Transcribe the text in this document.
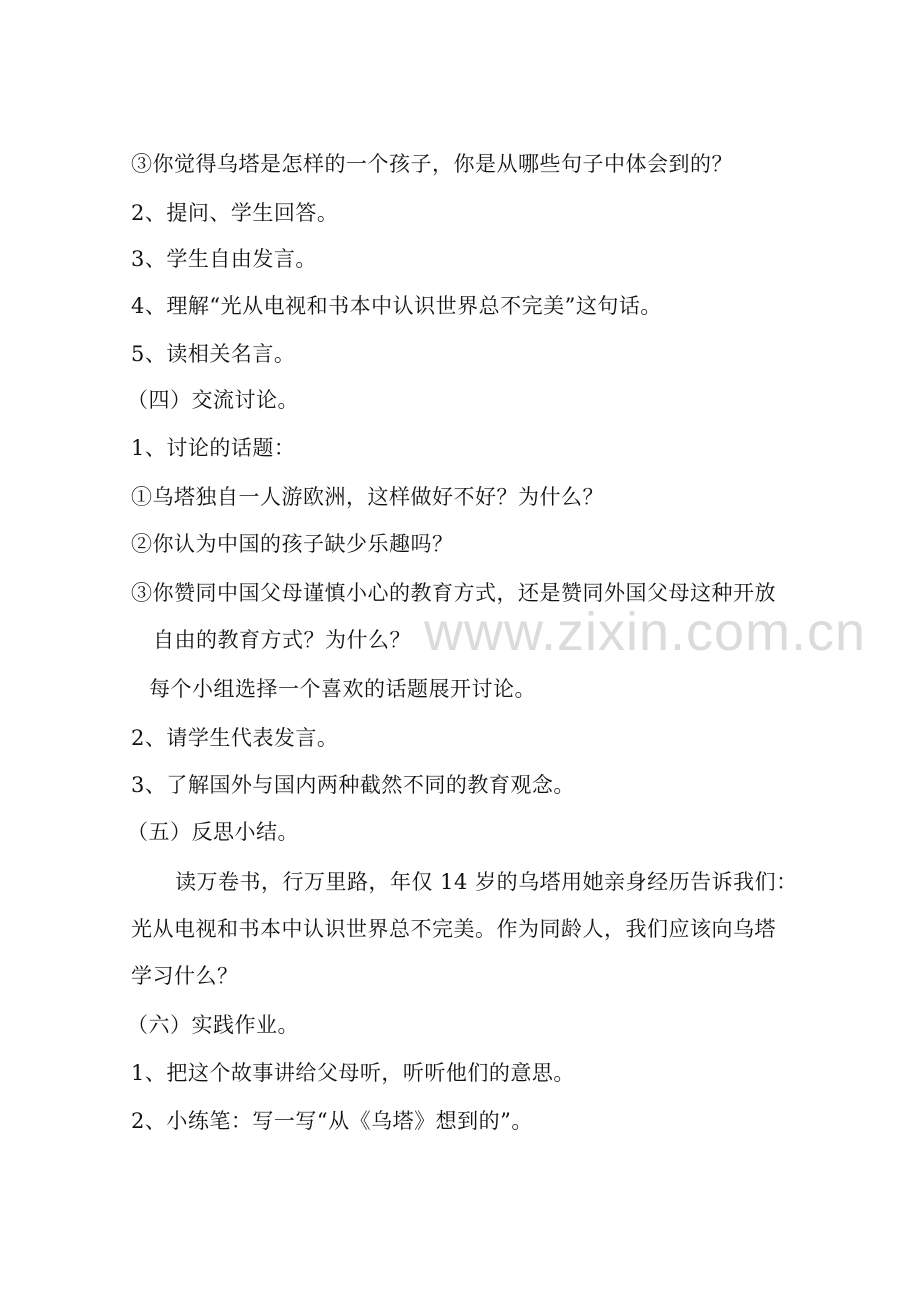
③你觉得乌塔是怎样的一个孩子，你是从哪些句子中体会到的？
2、提问、学生回答。
3、学生自由发言。
4、理解“光从电视和书本中认识世界总不完美”这句话。
5、读相关名言。
（四）交流讨论。
1、讨论的话题：
①乌塔独自一人游欧洲，这样做好不好？为什么？
②你认为中国的孩子缺少乐趣吗？
③你赞同中国父母谨慎小心的教育方式，还是赞同外国父母这种开放
自由的教育方式？为什么？
每个小组选择一个喜欢的话题展开讨论。
2、请学生代表发言。
3、了解国外与国内两种截然不同的教育观念。
（五）反思小结。
读万卷书，行万里路，年仅 14 岁的乌塔用她亲身经历告诉我们：
光从电视和书本中认识世界总不完美。作为同龄人，我们应该向乌塔
学习什么？
（六）实践作业。
1、把这个故事讲给父母听，听听他们的意思。
2、小练笔：写一写“从《乌塔》想到的”。
www.zixin.com.cn
